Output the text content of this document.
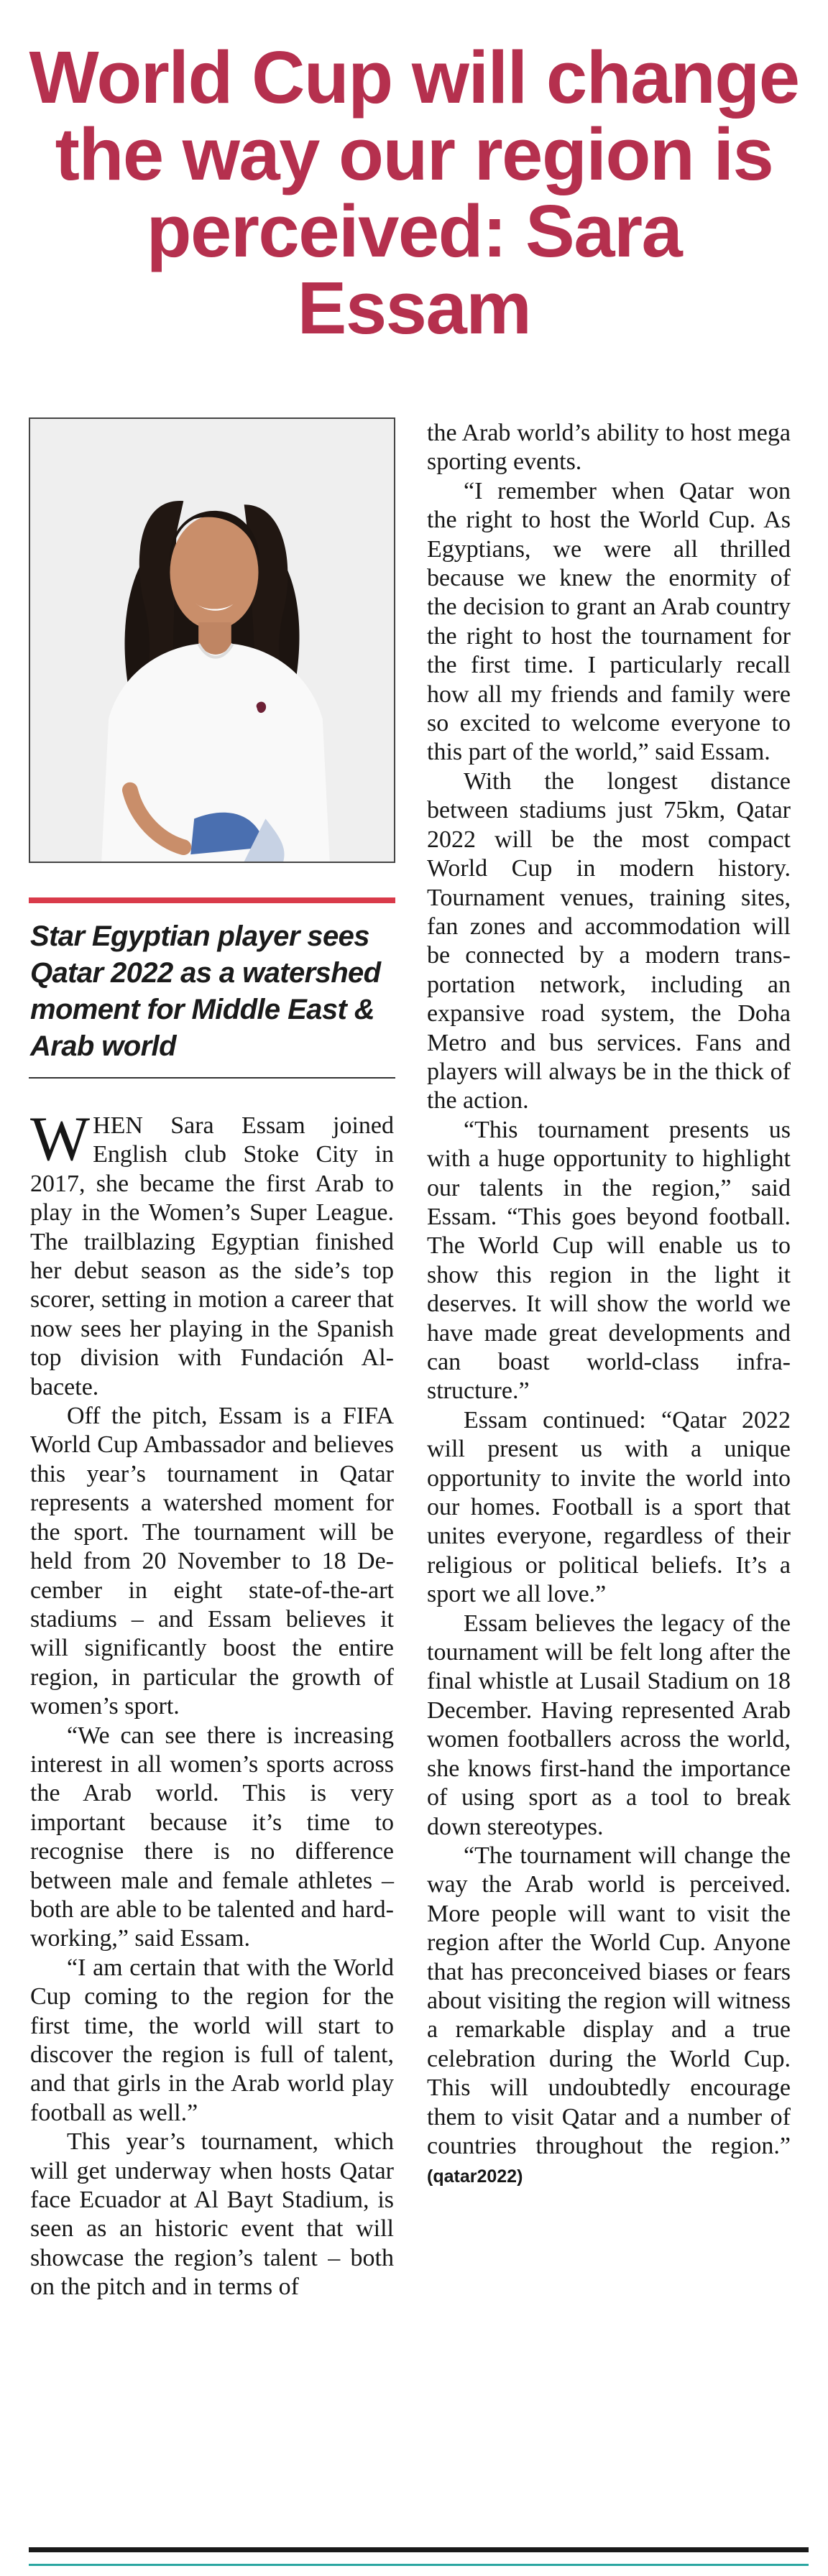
World Cup will change the way our region is perceived: Sara Essam
Star Egyptian player sees Qatar 2022 as a watershed moment for Middle East & Arab world

WHEN Sara Essam joined English club Stoke City in 2017, she became the first Arab to play in the Women’s Super League. The trailblazing Egyptian finished her debut season as the side’s top scorer, setting in motion a career that now sees her playing in the Spanish top division with Fundación Albacete.

Off the pitch, Essam is a FIFA World Cup Ambassador and believes this year’s tournament in Qatar represents a watershed moment for the sport. The tournament will be held from 20 November to 18 December in eight state-of-the-art stadiums – and Essam believes it will significantly boost the entire region, in particular the growth of women’s sport.

“We can see there is increasing interest in all women’s sports across the Arab world. This is very important because it’s time to recognise there is no difference between male and female athletes – both are able to be talented and hard-working,” said Essam.

“I am certain that with the World Cup coming to the region for the first time, the world will start to discover the region is full of talent, and that girls in the Arab world play football as well.”

This year’s tournament, which will get underway when hosts Qatar face Ecuador at Al Bayt Stadium, is seen as an historic event that will showcase the region’s talent – both on the pitch and in terms of

the Arab world’s ability to host mega sporting events.

“I remember when Qatar won the right to host the World Cup. As Egyptians, we were all thrilled because we knew the enormity of the decision to grant an Arab country the right to host the tournament for the first time. I particularly recall how all my friends and family were so excited to welcome everyone to this part of the world,” said Essam.

With the longest distance between stadiums just 75km, Qatar 2022 will be the most compact World Cup in modern history. Tournament venues, training sites, fan zones and accommodation will be connected by a modern transportation network, including an expansive road system, the Doha Metro and bus services. Fans and players will always be in the thick of the action.

“This tournament presents us with a huge opportunity to highlight our talents in the region,” said Essam. “This goes beyond football. The World Cup will enable us to show this region in the light it deserves. It will show the world we have made great developments and can boast world-class infrastructure.”

Essam continued: “Qatar 2022 will present us with a unique opportunity to invite the world into our homes. Football is a sport that unites everyone, regardless of their religious or political beliefs. It’s a sport we all love.”

Essam believes the legacy of the tournament will be felt long after the final whistle at Lusail Stadium on 18 December. Having represented Arab women footballers across the world, she knows first-hand the importance of using sport as a tool to break down stereotypes.

“The tournament will change the way the Arab world is perceived. More people will want to visit the region after the World Cup. Anyone that has preconceived biases or fears about visiting the region will witness a remarkable display and a true celebration during the World Cup. This will undoubtedly encourage them to visit Qatar and a number of countries throughout the region.” (qatar2022)
